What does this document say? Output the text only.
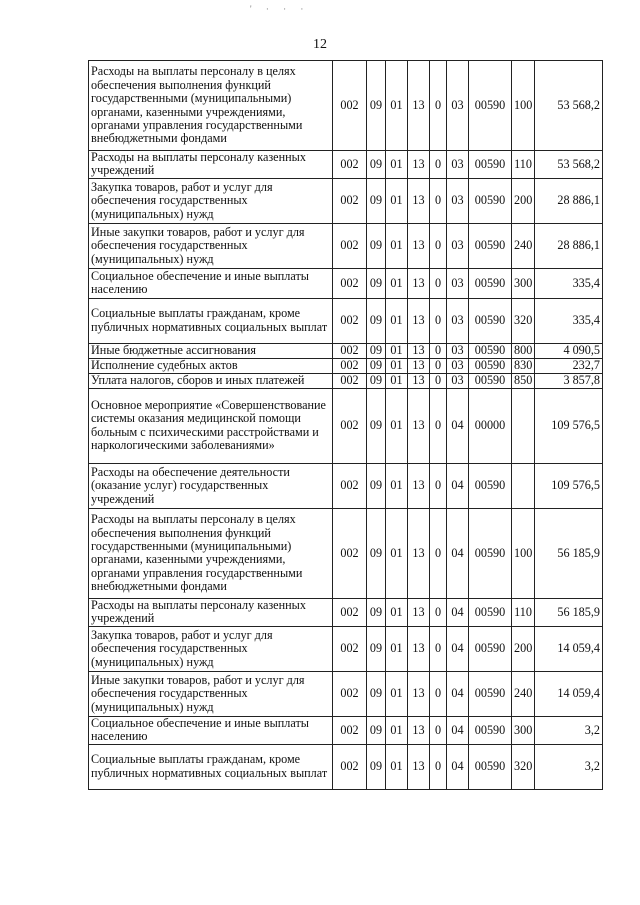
' · · ·
12
Расходы на выплаты персоналу в целях обеспечения выполнения функций государственными (муниципальными) органами, казенными учреждениями, органами управления государственными внебюджетными фондами	002	09	01	13	0	03	00590	100	53 568,2
Расходы на выплаты персоналу казенных учреждений	002	09	01	13	0	03	00590	110	53 568,2
Закупка товаров, работ и услуг для обеспечения государственных (муниципальных) нужд	002	09	01	13	0	03	00590	200	28 886,1
Иные закупки товаров, работ и услуг для обеспечения государственных (муниципальных) нужд	002	09	01	13	0	03	00590	240	28 886,1
Социальное обеспечение и иные выплаты населению	002	09	01	13	0	03	00590	300	335,4
Социальные выплаты гражданам, кроме публичных нормативных социальных выплат	002	09	01	13	0	03	00590	320	335,4
Иные бюджетные ассигнования	002	09	01	13	0	03	00590	800	4 090,5
Исполнение судебных актов	002	09	01	13	0	03	00590	830	232,7
Уплата налогов, сборов и иных платежей	002	09	01	13	0	03	00590	850	3 857,8
Основное мероприятие «Совершенствование системы оказания медицинской помощи больным с психическими расстройствами и наркологическими заболеваниями»	002	09	01	13	0	04	00000		109 576,5
Расходы на обеспечение деятельности (оказание услуг) государственных учреждений	002	09	01	13	0	04	00590		109 576,5
Расходы на выплаты персоналу в целях обеспечения выполнения функций государственными (муниципальными) органами, казенными учреждениями, органами управления государственными внебюджетными фондами	002	09	01	13	0	04	00590	100	56 185,9
Расходы на выплаты персоналу казенных учреждений	002	09	01	13	0	04	00590	110	56 185,9
Закупка товаров, работ и услуг для обеспечения государственных (муниципальных) нужд	002	09	01	13	0	04	00590	200	14 059,4
Иные закупки товаров, работ и услуг для обеспечения государственных (муниципальных) нужд	002	09	01	13	0	04	00590	240	14 059,4
Социальное обеспечение и иные выплаты населению	002	09	01	13	0	04	00590	300	3,2
Социальные выплаты гражданам, кроме публичных нормативных социальных выплат	002	09	01	13	0	04	00590	320	3,2
